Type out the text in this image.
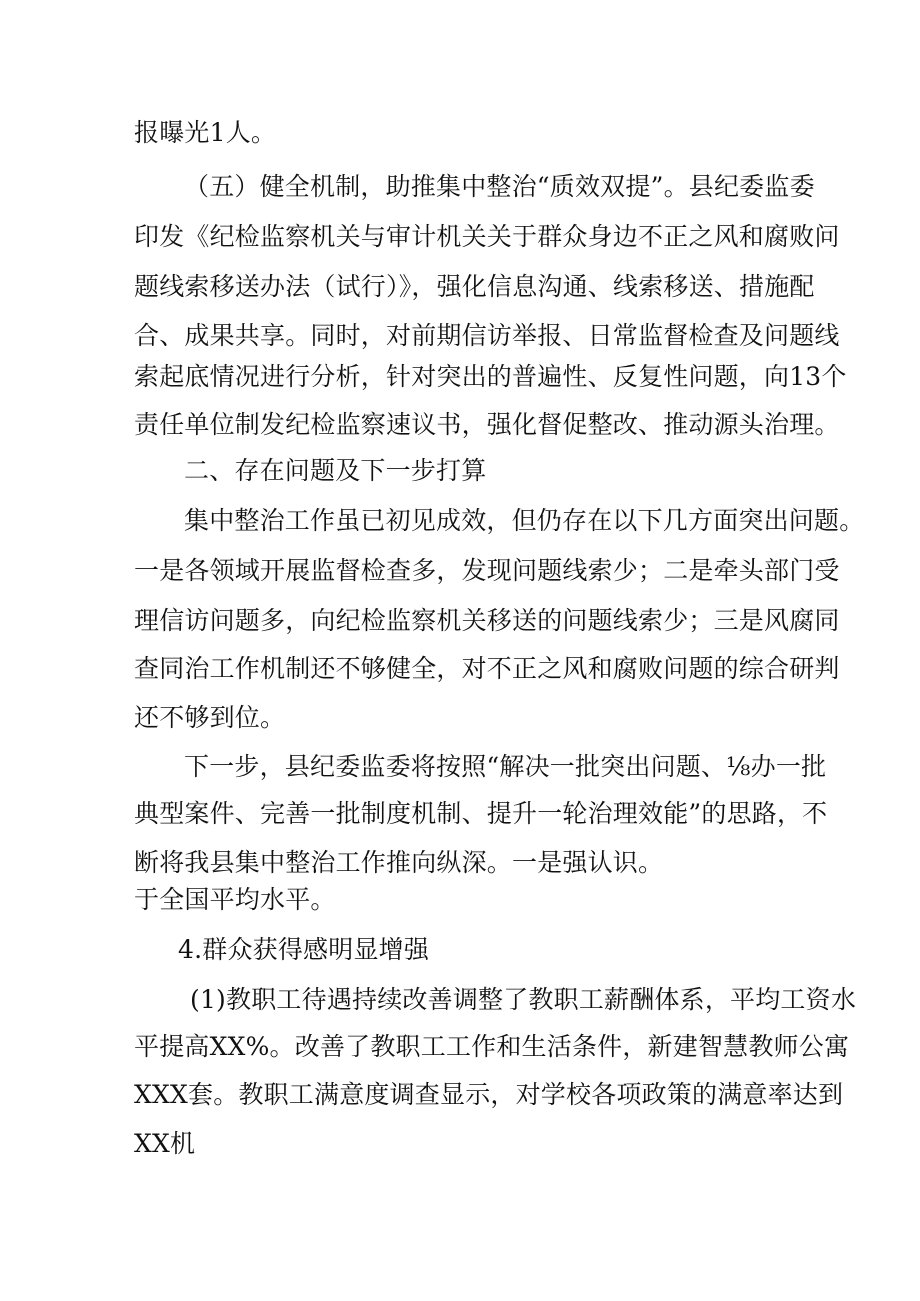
报曝光1人。
（五）健全机制，助推集中整治“质效双提”。县纪委监委
印发《纪检监察机关与审计机关关于群众身边不正之风和腐败问
题线索移送办法（试行）》，强化信息沟通、线索移送、措施配
合、成果共享。同时，对前期信访举报、日常监督检查及问题线
索起底情况进行分析，针对突出的普遍性、反复性问题，向13个
责任单位制发纪检监察速议书，强化督促整改、推动源头治理。
二、存在问题及下一步打算
集中整治工作虽已初见成效，但仍存在以下几方面突出问题。
一是各领域开展监督检查多，发现问题线索少；二是牵头部门受
理信访问题多，向纪检监察机关移送的问题线索少；三是风腐同
查同治工作机制还不够健全，对不正之风和腐败问题的综合研判
还不够到位。
下一步，县纪委监委将按照“解决一批突出问题、⅛办一批
典型案件、完善一批制度机制、提升一轮治理效能”的思路，不
断将我县集中整治工作推向纵深。一是强认识。
于全国平均水平。
4.群众获得感明显增强
(1)教职工待遇持续改善调整了教职工薪酬体系，平均工资水
平提高XX%。改善了教职工工作和生活条件，新建智慧教师公寓
XXX套。教职工满意度调查显示，对学校各项政策的满意率达到
XX机
